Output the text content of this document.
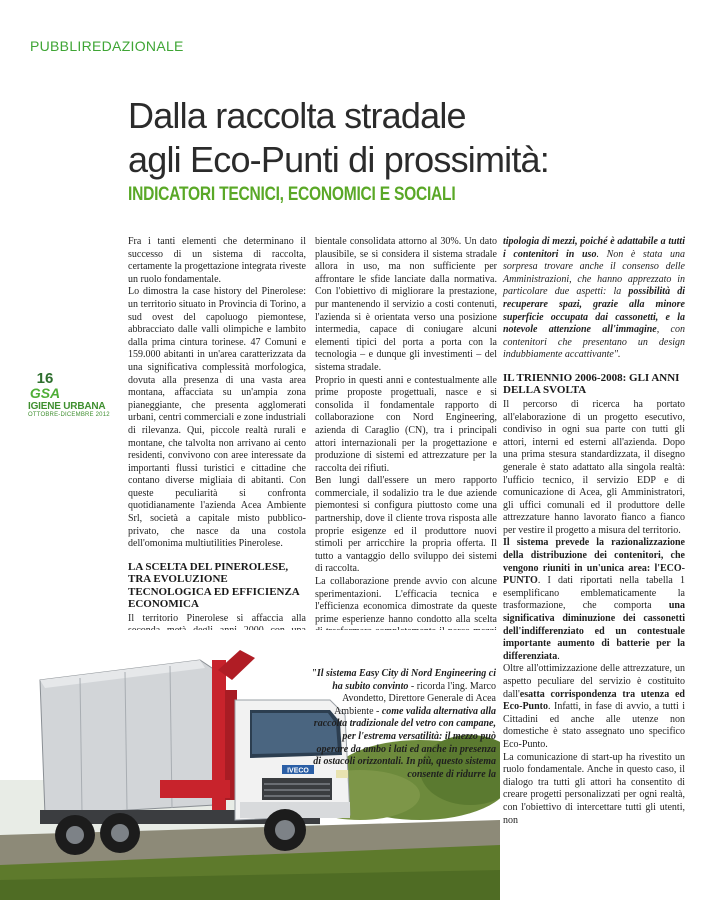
PUBBLIREDAZIONALE
Dalla raccolta stradale
agli Eco-Punti di prossimità:
INDICATORI TECNICI, ECONOMICI E SOCIALI
16
GSA
IGIENE URBANA
OTTOBRE-DICEMBRE 2012

Fra i tanti elementi che determinano il successo di un sistema di raccolta, certamente la progettazione integrata riveste un ruolo fondamentale.

Lo dimostra la case history del Pinerolese: un territorio situato in Provincia di Torino, a sud ovest del capoluogo piemontese, abbracciato dalle valli olimpiche e lambito dalla prima cintura torinese. 47 Comuni e 159.000 abitanti in un'area caratterizzata da una significativa complessità morfologica, dovuta alla presenza di una vasta area montana, affacciata su un'ampia zona pianeggiante, che presenta agglomerati urbani, centri commerciali e zone industriali di rilevanza. Qui, piccole realtà rurali e montane, che talvolta non arrivano ai cento residenti, convivono con aree interessate da importanti flussi turistici e cittadine che contano diverse migliaia di abitanti. Con queste peculiarità si confronta quotidianamente l'azienda Acea Ambiente Srl, società a capitale misto pubblico-privato, che nasce da una costola dell'omonima multiutilities Pinerolese.

LA SCELTA DEL PINEROLESE, TRA EVOLUZIONE TECNOLOGICA ED EFFICIENZA ECONOMICA

Il territorio Pinerolese si affaccia alla

bientale consolidata attorno al 30%. Un dato plausibile, se si considera il sistema stradale allora in uso, ma non sufficiente per affrontare le sfide lanciate dalla normativa. Con l'obiettivo di migliorare la prestazione, pur mantenendo il servizio a costi contenuti, l'azienda si è orientata verso una posizione intermedia, capace di coniugare alcuni elementi tipici del porta a porta con la tecnologia – e dunque gli investimenti – del sistema stradale.

Proprio in questi anni e contestualmente alle prime proposte progettuali, nasce e si consolida il fondamentale rapporto di collaborazione con Nord Engineering, azienda di Caraglio (CN), tra i principali attori internazionali per la progettazione e produzione di sistemi ed attrezzature per la raccolta dei rifiuti.

Ben lungi dall'essere un mero rapporto commerciale, il sodalizio tra le due aziende piemontesi si configura piuttosto come una partnership, dove il cliente trova risposta alle proprie esigenze ed il produttore nuovi stimoli per arricchire la propria offerta. Il tutto a vantaggio dello sviluppo dei sistemi di raccolta.

La collaborazione prende avvio con alcune sperimentazioni. L'efficacia tecnica e l'efficienza economica dimostrate da queste prime esperienze hanno condotto alla scelta

IVECO

"Il sistema Easy City di Nord Engineering ci ha subito convinto - ricorda l'ing. Marco Avondetto, Direttore Generale di Acea Ambiente - come valida alternativa alla raccolta tradizionale del vetro con campane, per l'estrema versatilità: il mezzo può operare da ambo i lati ed anche in presenza di ostacoli orizzontali. In più, questo sistema consente di ridurre la

tipologia di mezzi, poiché è adattabile a tutti i contenitori in uso. Non è stata una sorpresa trovare anche il consenso delle Amministrazioni, che hanno apprezzato in particolare due aspetti: la possibilità di recuperare spazi, grazie alla minore superficie occupata dai cassonetti, e la notevole attenzione all'immagine, con contenitori che presentano un design indubbiamente accattivante".

IL TRIENNIO 2006-2008: GLI ANNI DELLA SVOLTA

Il percorso di ricerca ha portato all'elaborazione di un progetto esecutivo, condiviso in ogni sua parte con tutti gli attori, interni ed esterni all'azienda. Dopo una prima stesura standardizzata, il disegno generale è stato adattato alla singola realtà: l'ufficio tecnico, il servizio EDP e di comunicazione di Acea, gli Amministratori, gli uffici comunali ed il produttore delle attrezzature hanno lavorato fianco a fianco per vestire il progetto a misura del territorio.

Il sistema prevede la razionalizzazione della distribuzione dei contenitori, che vengono riuniti in un'unica area: l'ECO-PUNTO. I dati riportati nella tabella 1 esemplificano emblematicamente la trasformazione, che comporta una significativa diminuzione dei cassonetti dell'indifferenziato ed un contestuale importante aumento di batterie per la differenziata.

Oltre all'ottimizzazione delle attrezzature, un aspetto peculiare del servizio è costituito dall'esatta corrispondenza tra utenza ed Eco-Punto. Infatti, in fase di avvio, a tutti i Cittadini ed anche alle utenze non domestiche è stato assegnato uno specifico Eco-Punto.

La comunicazione di start-up ha rivestito un ruolo fondamentale. Anche in questo caso, il dialogo tra tutti gli attori ha consentito di creare progetti personalizzati per ogni realtà, con l'obiettivo di intercettare tutti gli utenti, non
